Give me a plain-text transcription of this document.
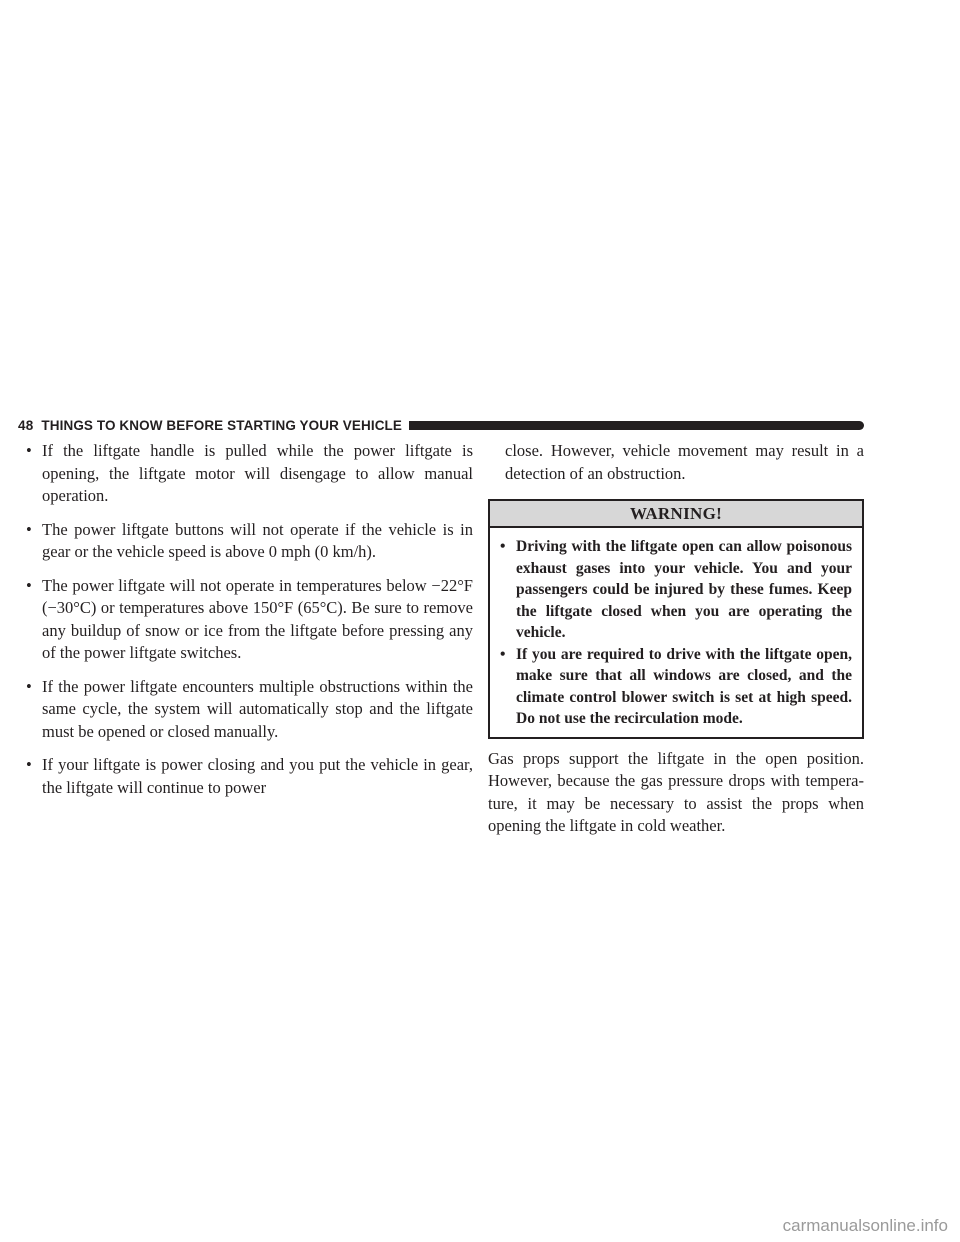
48 THINGS TO KNOW BEFORE STARTING YOUR VEHICLE
• If the liftgate handle is pulled while the power liftgate is opening, the liftgate motor will disengage to allow manual operation.
• The power liftgate buttons will not operate if the vehicle is in gear or the vehicle speed is above 0 mph (0 km/h).
• The power liftgate will not operate in temperatures below −22°F (−30°C) or temperatures above 150°F (65°C). Be sure to remove any buildup of snow or ice from the liftgate before pressing any of the power liftgate switches.
• If the power liftgate encounters multiple obstructions within the same cycle, the system will automatically stop and the liftgate must be opened or closed manually.
• If your liftgate is power closing and you put the vehicle in gear, the liftgate will continue to power

close. However, vehicle movement may result in a detection of an obstruction.

WARNING!
• Driving with the liftgate open can allow poisonous exhaust gases into your vehicle. You and your passengers could be injured by these fumes. Keep the liftgate closed when you are operating the vehicle.
• If you are required to drive with the liftgate open, make sure that all windows are closed, and the climate control blower switch is set at high speed. Do not use the recirculation mode.

Gas props support the liftgate in the open position. However, because the gas pressure drops with tempera-ture, it may be necessary to assist the props when opening the liftgate in cold weather.

carmanualsonline.info
